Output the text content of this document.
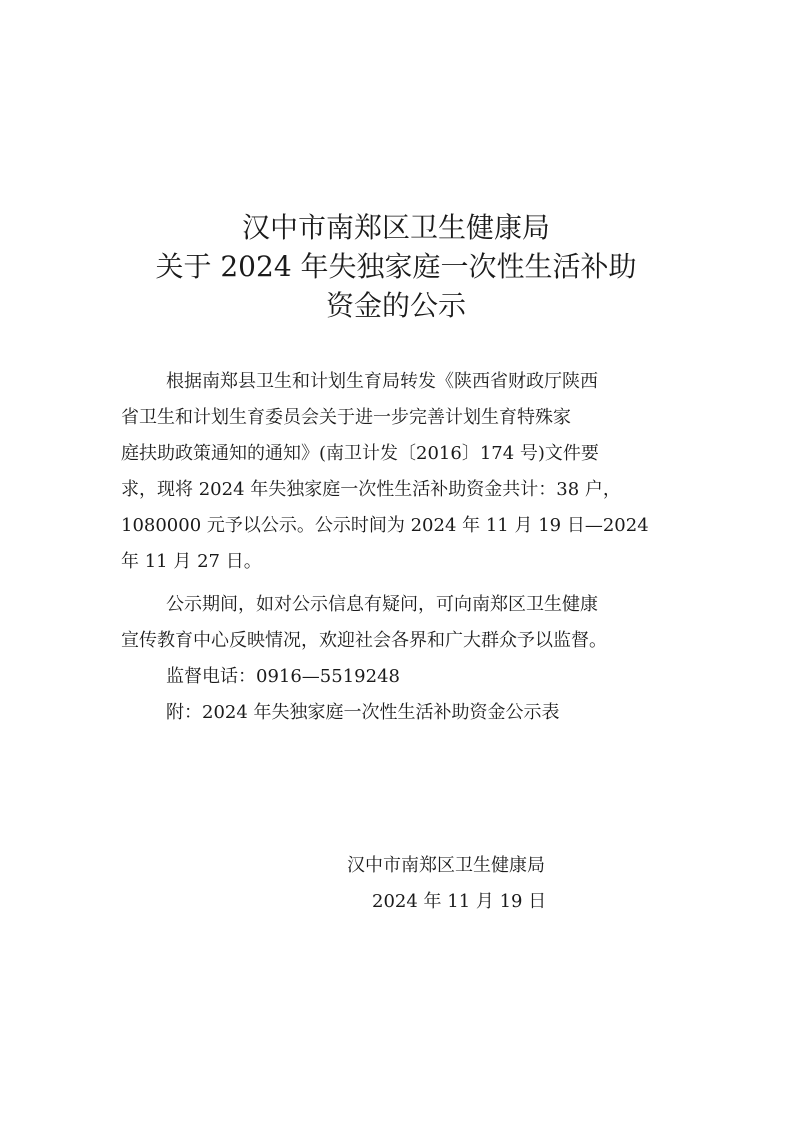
汉中市南郑区卫生健康局
关于 2024 年失独家庭一次性生活补助
资金的公示
根据南郑县卫生和计划生育局转发《陕西省财政厅陕西
省卫生和计划生育委员会关于进一步完善计划生育特殊家
庭扶助政策通知的通知》(南卫计发〔2016〕174 号)文件要
求，现将 2024 年失独家庭一次性生活补助资金共计：38 户，
1080000 元予以公示。公示时间为 2024 年 11 月 19 日—2024
年 11 月 27 日。
公示期间，如对公示信息有疑问，可向南郑区卫生健康
宣传教育中心反映情况，欢迎社会各界和广大群众予以监督。
监督电话：0916—5519248
附：2024 年失独家庭一次性生活补助资金公示表
汉中市南郑区卫生健康局
2024 年 11 月 19 日
